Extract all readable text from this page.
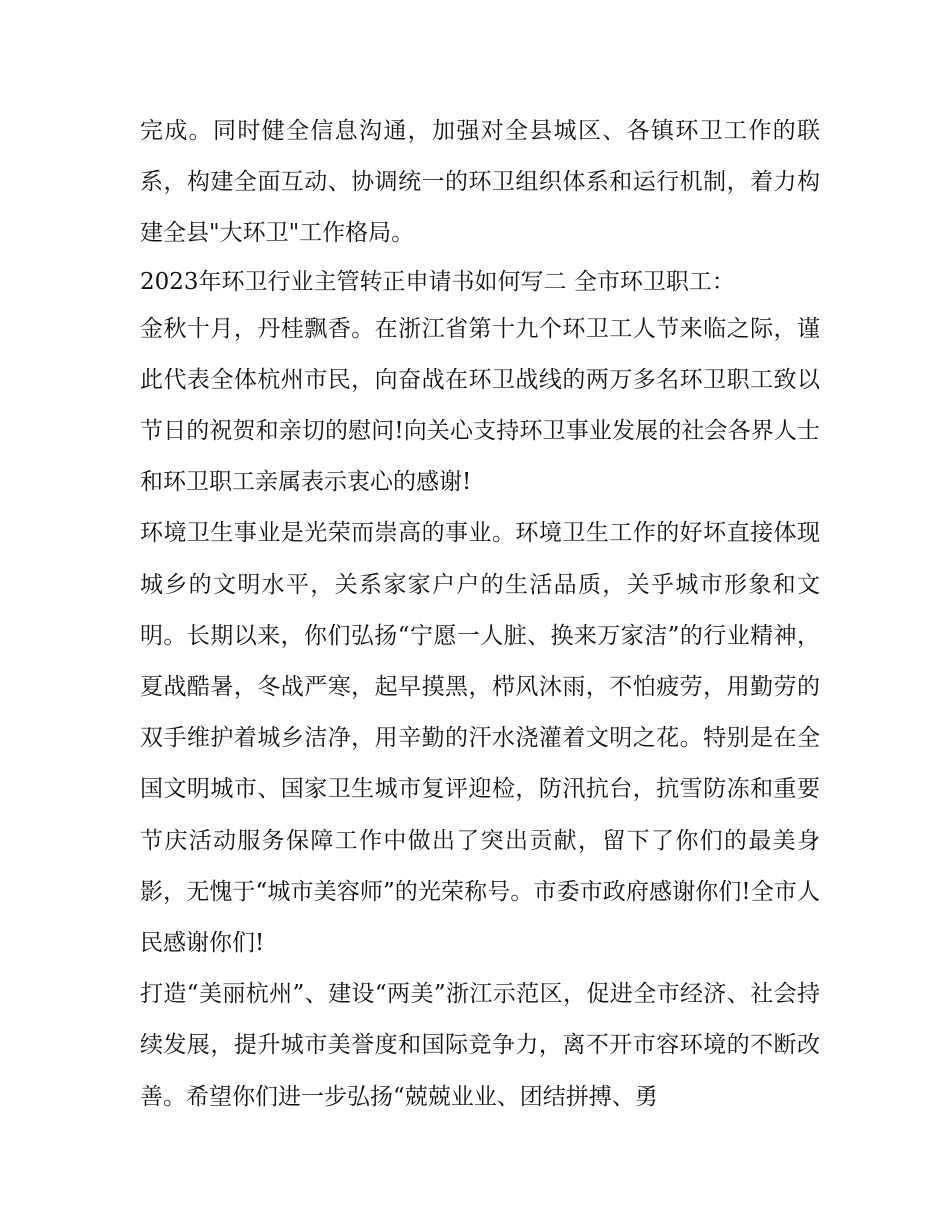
完成。同时健全信息沟通，加强对全县城区、各镇环卫工作的联系，构建全面互动、协调统一的环卫组织体系和运行机制，着力构建全县"大环卫"工作格局。

2023年环卫行业主管转正申请书如何写二 全市环卫职工：

金秋十月，丹桂飘香。在浙江省第十九个环卫工人节来临之际，谨此代表全体杭州市民，向奋战在环卫战线的两万多名环卫职工致以节日的祝贺和亲切的慰问!向关心支持环卫事业发展的社会各界人士和环卫职工亲属表示衷心的感谢!

环境卫生事业是光荣而崇高的事业。环境卫生工作的好坏直接体现城乡的文明水平，关系家家户户的生活品质，关乎城市形象和文明。长期以来，你们弘扬“宁愿一人脏、换来万家洁”的行业精神，夏战酷暑，冬战严寒，起早摸黑，栉风沐雨，不怕疲劳，用勤劳的双手维护着城乡洁净，用辛勤的汗水浇灌着文明之花。特别是在全国文明城市、国家卫生城市复评迎检，防汛抗台，抗雪防冻和重要节庆活动服务保障工作中做出了突出贡献，留下了你们的最美身影，无愧于“城市美容师”的光荣称号。市委市政府感谢你们!全市人民感谢你们!

打造“美丽杭州”、建设“两美”浙江示范区，促进全市经济、社会持续发展，提升城市美誉度和国际竞争力，离不开市容环境的不断改善。希望你们进一步弘扬“兢兢业业、团结拼搏、勇
